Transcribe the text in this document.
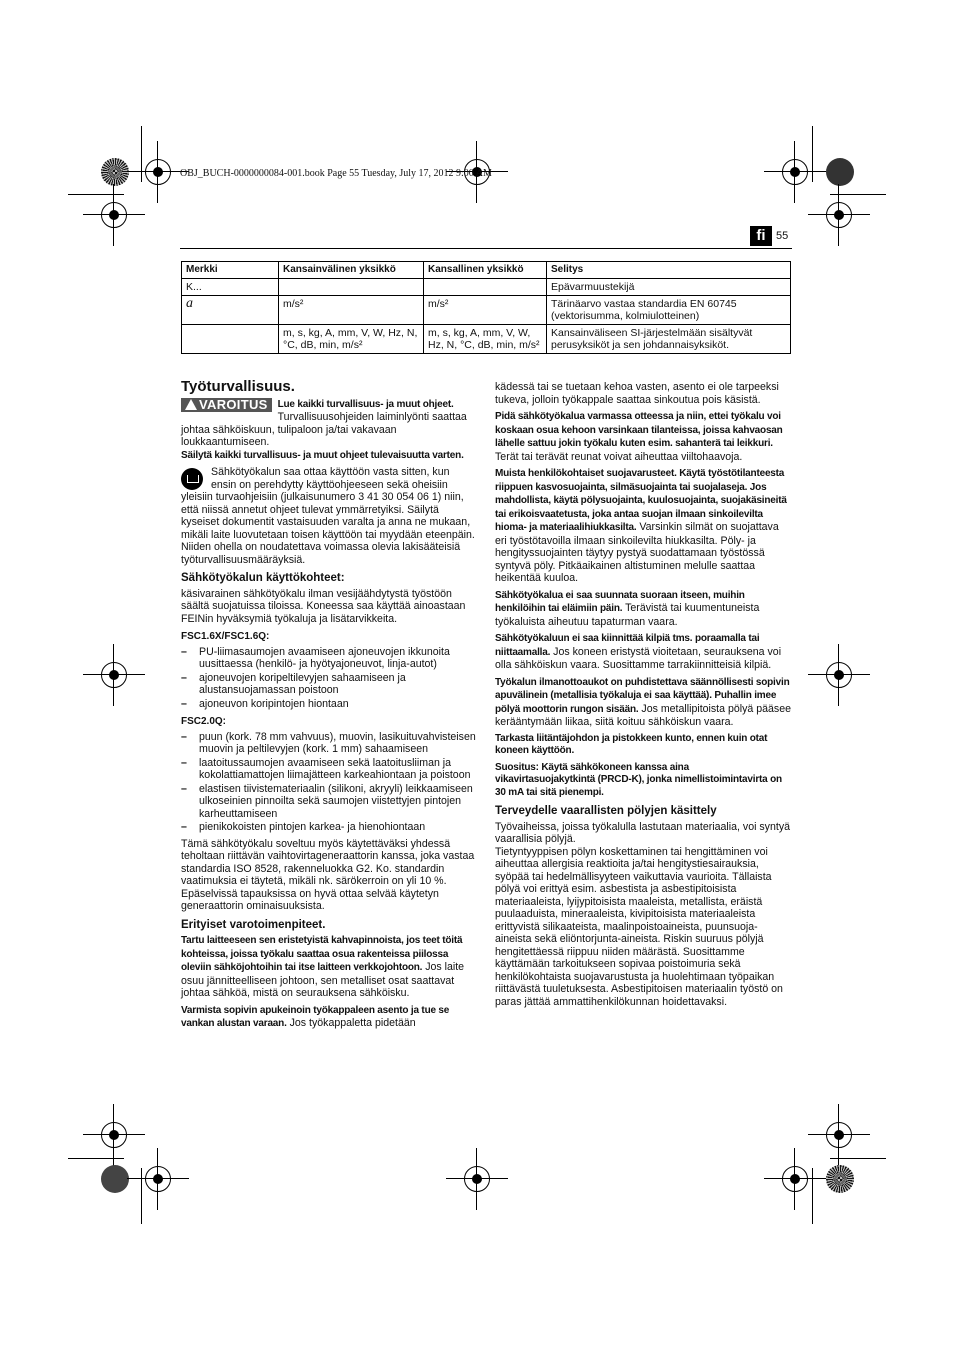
OBJ_BUCH-0000000084-001.book Page 55 Tuesday, July 17, 2012 9:00 AM
fi 55
Merkki	Kansainvälinen yksikkö	Kansallinen yksikkö	Selitys
K...			Epävarmuustekijä
a	m/s²	m/s²	Tärinäarvo vastaa standardia EN 60745 (vektorisumma, kolmiulotteinen)
	m, s, kg, A, mm, V, W, Hz, N, °C, dB, min, m/s²	m, s, kg, A, mm, V, W, Hz, N, °C, dB, min, m/s²	Kansainväliseen SI-järjestelmään sisältyvät perusyksiköt ja sen johdannaisyksiköt.
Työturvallisuus.

VAROITUS	Lue kaikki turvallisuus- ja muut ohjeet. Turvallisuusohjeiden laiminlyönti saattaa johtaa sähköiskuun, tulipaloon ja/tai vakavaan loukkaantumiseen.

Säilytä kaikki turvallisuus- ja muut ohjeet tulevaisuutta varten.

Sähkötyökalun saa ottaa käyttöön vasta sitten, kun ensin on perehdytty käyttöohjeeseen sekä oheisiin yleisiin turvaohjeisiin (julkaisunumero 3 41 30 054 06 1) niin, että niissä annetut ohjeet tulevat ymmärretyiksi. Säilytä kyseiset dokumentit vastaisuuden varalta ja anna ne mukaan, mikäli laite luovutetaan toisen käyttöön tai myydään eteenpäin.

Niiden ohella on noudatettava voimassa olevia lakisääteisiä työturvallisuusmääräyksiä.

Sähkötyökalun käyttökohteet:

käsivarainen sähkötyökalu ilman vesijäähdytystä työstöön säältä suojatuissa tiloissa. Koneessa saa käyttää ainoastaan FEINin hyväksymiä työkaluja ja lisätarvikkeita.

FSC1.6X/FSC1.6Q:
– PU-liimasaumojen avaamiseen ajoneuvojen ikkunoita uusittaessa (henkilö- ja hyötyajoneuvot, linja-autot)
– ajoneuvojen koripeltilevyjen sahaamiseen ja alustansuojamassan poistoon
– ajoneuvon koripintojen hiontaan
FSC2.0Q:
– puun (kork. 78 mm vahvuus), muovin, lasikuituvahvisteisen muovin ja peltilevyjen (kork. 1 mm) sahaamiseen
– laatoitussaumojen avaamiseen sekä laatoitusliiman ja kokolattiamattojen liimajätteen karkeahiontaan ja poistoon
– elastisen tiivistemateriaalin (silikoni, akryyli) leikkaamiseen ulkoseinien pinnoilta sekä saumojen viistettyjen pintojen karheuttamiseen
– pienikokoisten pintojen karkea- ja hienohiontaan

Tämä sähkötyökalu soveltuu myös käytettäväksi yhdessä teholtaan riittävän vaihtovirtageneraattorin kanssa, joka vastaa standardia ISO 8528, rakenneluokka G2. Ko. standardin vaatimuksia ei täytetä, mikäli nk. särökerroin on yli 10 %. Epäselvissä tapauksissa on hyvä ottaa selvää käytetyn generaattorin ominaisuuksista.

Erityiset varotoimenpiteet.

Tartu laitteeseen sen eristetyistä kahvapinnoista, jos teet töitä kohteissa, joissa työkalu saattaa osua rakenteissa piilossa oleviin sähköjohtoihin tai itse laitteen verkkojohtoon. Jos laite osuu jännitteelliseen johtoon, sen metalliset osat saattavat johtaa sähköä, mistä on seurauksena sähköisku.

Varmista sopivin apukeinoin työkappaleen asento ja tue se vankan alustan varaan. Jos työkappaletta pidetään

kädessä tai se tuetaan kehoa vasten, asento ei ole tarpeeksi tukeva, jolloin työkappale saattaa sinkoutua pois käsistä.

Pidä sähkötyökalua varmassa otteessa ja niin, ettei työkalu voi koskaan osua kehoon varsinkaan tilanteissa, joissa kahvaosan lähelle sattuu jokin työkalu kuten esim. sahanterä tai leikkuri. Terät tai terävät reunat voivat aiheuttaa viiltohaavoja.

Muista henkilökohtaiset suojavarusteet. Käytä työstötilanteesta riippuen kasvosuojainta, silmäsuojainta tai suojalaseja. Jos mahdollista, käytä pölysuojainta, kuulosuojainta, suojakäsineitä tai erikoisvaatetusta, joka antaa suojan ilmaan sinkoilevilta hioma- ja materiaalihiukkasilta. Varsinkin silmät on suojattava eri työstötavoilla ilmaan sinkoilevilta hiukkasilta. Pöly- ja hengityssuojainten täytyy pystyä suodattamaan työstössä syntyvä pöly. Pitkäaikainen altistuminen melulle saattaa heikentää kuuloa.

Sähkötyökalua ei saa suunnata suoraan itseen, muihin henkilöihin tai eläimiin päin. Terävistä tai kuumentuneista työkaluista aiheutuu tapaturman vaara.

Sähkötyökaluun ei saa kiinnittää kilpiä tms. poraamalla tai niittaamalla. Jos koneen eristystä vioitetaan, seurauksena voi olla sähköiskun vaara. Suosittamme tarrakiinnitteisiä kilpiä.

Työkalun ilmanottoaukot on puhdistettava säännöllisesti sopivin apuvälinein (metallisia työkaluja ei saa käyttää). Puhallin imee pölyä moottorin rungon sisään. Jos metallipitoista pölyä pääsee kerääntymään liikaa, siitä koituu sähköiskun vaara.

Tarkasta liitäntäjohdon ja pistokkeen kunto, ennen kuin otat koneen käyttöön.

Suositus: Käytä sähkökoneen kanssa aina vikavirtasuojakytkintä (PRCD-K), jonka nimellistoimintavirta on 30 mA tai sitä pienempi.

Terveydelle vaarallisten pölyjen käsittely

Työvaiheissa, joissa työkalulla lastutaan materiaalia, voi syntyä vaarallisia pölyjä.

Tietyntyyppisen pölyn koskettaminen tai hengittäminen voi aiheuttaa allergisia reaktioita ja/tai hengitystiesairauksia, syöpää tai hedelmällisyyteen vaikuttavia vaurioita. Tällaista pölyä voi erittyä esim. asbestista ja asbestipitoisista materiaaleista, lyijypitoisista maaleista, metallista, eräistä puulaaduista, mineraaleista, kivipitoisista materiaaleista erittyvistä silikaateista, maalinpoistoaineista, puunsuoja-aineista sekä eliöntorjunta-aineista. Riskin suuruus pölyjä hengitettäessä riippuu niiden määrästä. Suosittamme käyttämään tarkoitukseen sopivaa poistoimuria sekä henkilökohtaista suojavarustusta ja huolehtimaan työpaikan riittävästä tuuletuksesta. Asbestipitoisen materiaalin työstö on paras jättää ammattihenkilökunnan hoidettavaksi.
